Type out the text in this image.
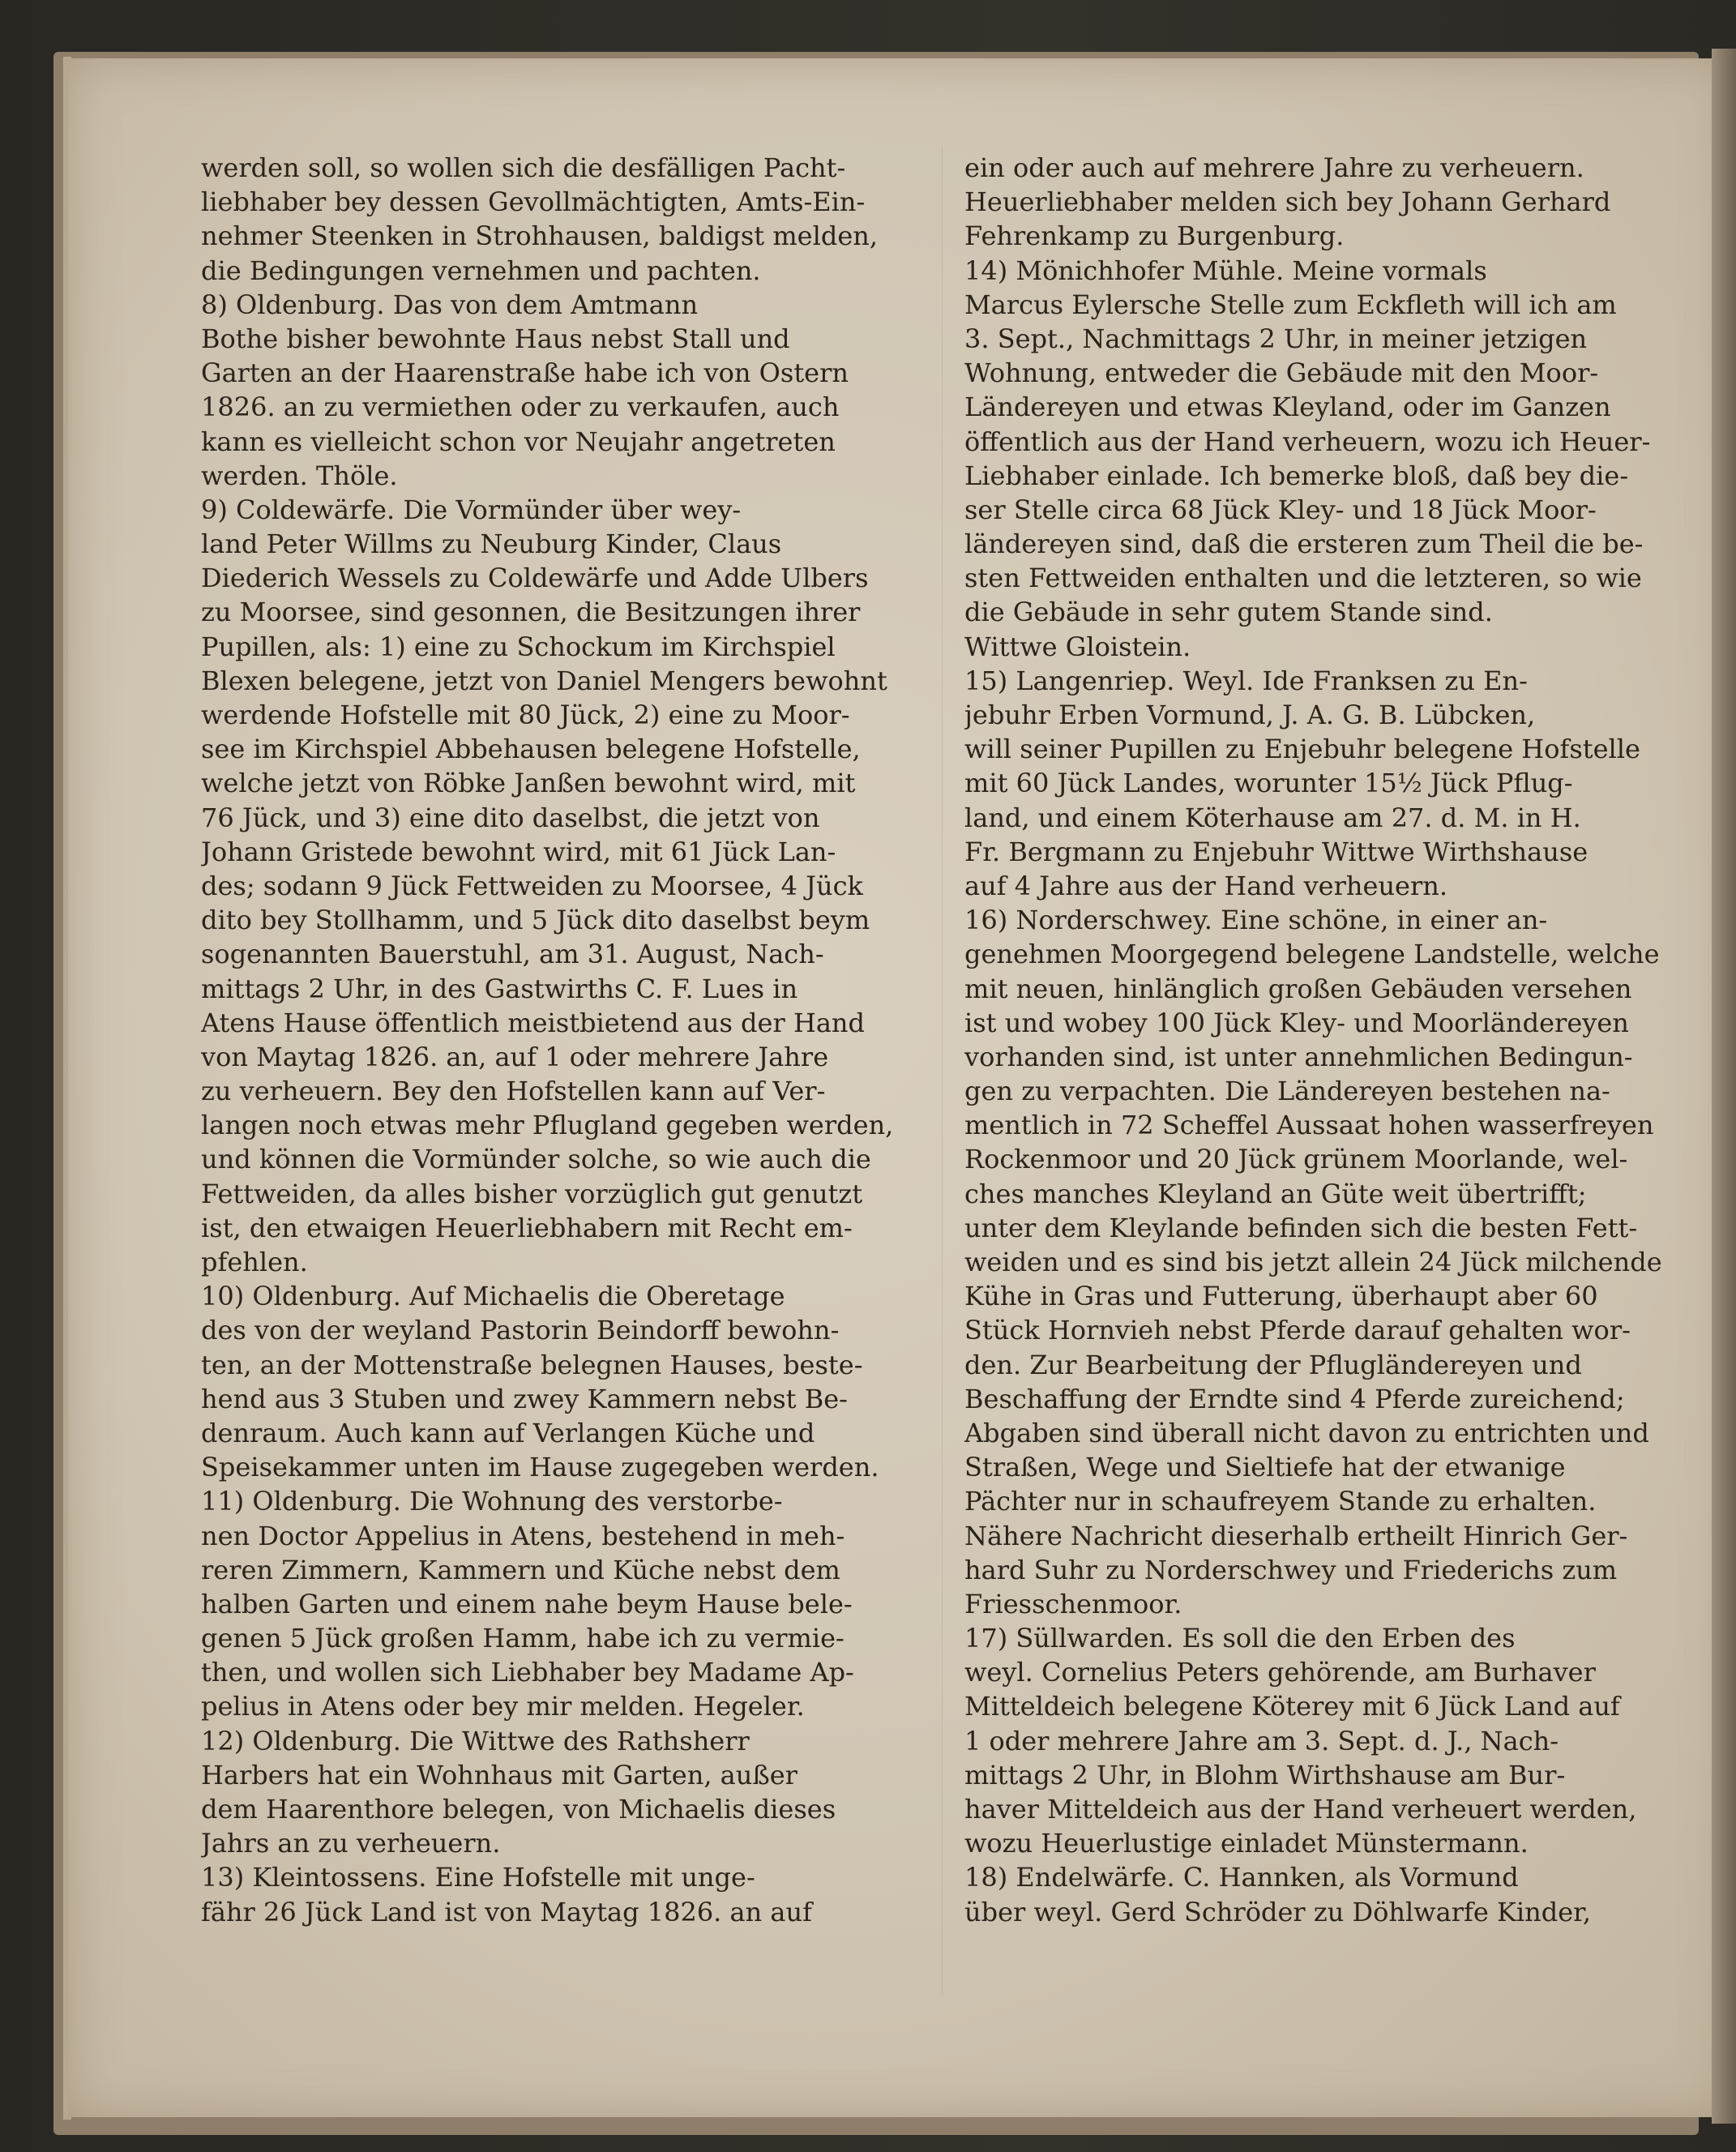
werden soll, so wollen sich die desfälligen Pacht-
liebhaber bey dessen Gevollmächtigten, Amts-Ein-
nehmer Steenken in Strohhausen, baldigst melden,
die Bedingungen vernehmen und pachten.
8) Oldenburg. Das von dem Amtmann
Bothe bisher bewohnte Haus nebst Stall und
Garten an der Haarenstraße habe ich von Ostern
1826. an zu vermiethen oder zu verkaufen, auch
kann es vielleicht schon vor Neujahr angetreten
werden. Thöle.
9) Coldewärfe. Die Vormünder über wey-
land Peter Willms zu Neuburg Kinder, Claus
Diederich Wessels zu Coldewärfe und Adde Ulbers
zu Moorsee, sind gesonnen, die Besitzungen ihrer
Pupillen, als: 1) eine zu Schockum im Kirchspiel
Blexen belegene, jetzt von Daniel Mengers bewohnt
werdende Hofstelle mit 80 Jück, 2) eine zu Moor-
see im Kirchspiel Abbehausen belegene Hofstelle,
welche jetzt von Röbke Janßen bewohnt wird, mit
76 Jück, und 3) eine dito daselbst, die jetzt von
Johann Gristede bewohnt wird, mit 61 Jück Lan-
des; sodann 9 Jück Fettweiden zu Moorsee, 4 Jück
dito bey Stollhamm, und 5 Jück dito daselbst beym
sogenannten Bauerstuhl, am 31. August, Nach-
mittags 2 Uhr, in des Gastwirths C. F. Lues in
Atens Hause öffentlich meistbietend aus der Hand
von Maytag 1826. an, auf 1 oder mehrere Jahre
zu verheuern. Bey den Hofstellen kann auf Ver-
langen noch etwas mehr Pflugland gegeben werden,
und können die Vormünder solche, so wie auch die
Fettweiden, da alles bisher vorzüglich gut genutzt
ist, den etwaigen Heuerliebhabern mit Recht em-
pfehlen.
10) Oldenburg. Auf Michaelis die Oberetage
des von der weyland Pastorin Beindorff bewohn-
ten, an der Mottenstraße belegnen Hauses, beste-
hend aus 3 Stuben und zwey Kammern nebst Be-
denraum. Auch kann auf Verlangen Küche und
Speisekammer unten im Hause zugegeben werden.
11) Oldenburg. Die Wohnung des verstorbe-
nen Doctor Appelius in Atens, bestehend in meh-
reren Zimmern, Kammern und Küche nebst dem
halben Garten und einem nahe beym Hause bele-
genen 5 Jück großen Hamm, habe ich zu vermie-
then, und wollen sich Liebhaber bey Madame Ap-
pelius in Atens oder bey mir melden. Hegeler.
12) Oldenburg. Die Wittwe des Rathsherr
Harbers hat ein Wohnhaus mit Garten, außer
dem Haarenthore belegen, von Michaelis dieses
Jahrs an zu verheuern.
13) Kleintossens. Eine Hofstelle mit unge-
fähr 26 Jück Land ist von Maytag 1826. an auf
ein oder auch auf mehrere Jahre zu verheuern.
Heuerliebhaber melden sich bey Johann Gerhard
Fehrenkamp zu Burgenburg.
14) Mönichhofer Mühle. Meine vormals
Marcus Eylersche Stelle zum Eckfleth will ich am
3. Sept., Nachmittags 2 Uhr, in meiner jetzigen
Wohnung, entweder die Gebäude mit den Moor-
Ländereyen und etwas Kleyland, oder im Ganzen
öffentlich aus der Hand verheuern, wozu ich Heuer-
Liebhaber einlade. Ich bemerke bloß, daß bey die-
ser Stelle circa 68 Jück Kley- und 18 Jück Moor-
ländereyen sind, daß die ersteren zum Theil die be-
sten Fettweiden enthalten und die letzteren, so wie
die Gebäude in sehr gutem Stande sind.
Wittwe Gloistein.
15) Langenriep. Weyl. Ide Franksen zu En-
jebuhr Erben Vormund, J. A. G. B. Lübcken,
will seiner Pupillen zu Enjebuhr belegene Hofstelle
mit 60 Jück Landes, worunter 15½ Jück Pflug-
land, und einem Köterhause am 27. d. M. in H.
Fr. Bergmann zu Enjebuhr Wittwe Wirthshause
auf 4 Jahre aus der Hand verheuern.
16) Norderschwey. Eine schöne, in einer an-
genehmen Moorgegend belegene Landstelle, welche
mit neuen, hinlänglich großen Gebäuden versehen
ist und wobey 100 Jück Kley- und Moorländereyen
vorhanden sind, ist unter annehmlichen Bedingun-
gen zu verpachten. Die Ländereyen bestehen na-
mentlich in 72 Scheffel Aussaat hohen wasserfreyen
Rockenmoor und 20 Jück grünem Moorlande, wel-
ches manches Kleyland an Güte weit übertrifft;
unter dem Kleylande befinden sich die besten Fett-
weiden und es sind bis jetzt allein 24 Jück milchende
Kühe in Gras und Futterung, überhaupt aber 60
Stück Hornvieh nebst Pferde darauf gehalten wor-
den. Zur Bearbeitung der Pflugländereyen und
Beschaffung der Erndte sind 4 Pferde zureichend;
Abgaben sind überall nicht davon zu entrichten und
Straßen, Wege und Sieltiefe hat der etwanige
Pächter nur in schaufreyem Stande zu erhalten.
Nähere Nachricht dieserhalb ertheilt Hinrich Ger-
hard Suhr zu Norderschwey und Friederichs zum
Friesschenmoor.
17) Süllwarden. Es soll die den Erben des
weyl. Cornelius Peters gehörende, am Burhaver
Mitteldeich belegene Köterey mit 6 Jück Land auf
1 oder mehrere Jahre am 3. Sept. d. J., Nach-
mittags 2 Uhr, in Blohm Wirthshause am Bur-
haver Mitteldeich aus der Hand verheuert werden,
wozu Heuerlustige einladet Münstermann.
18) Endelwärfe. C. Hannken, als Vormund
über weyl. Gerd Schröder zu Döhlwarfe Kinder,
